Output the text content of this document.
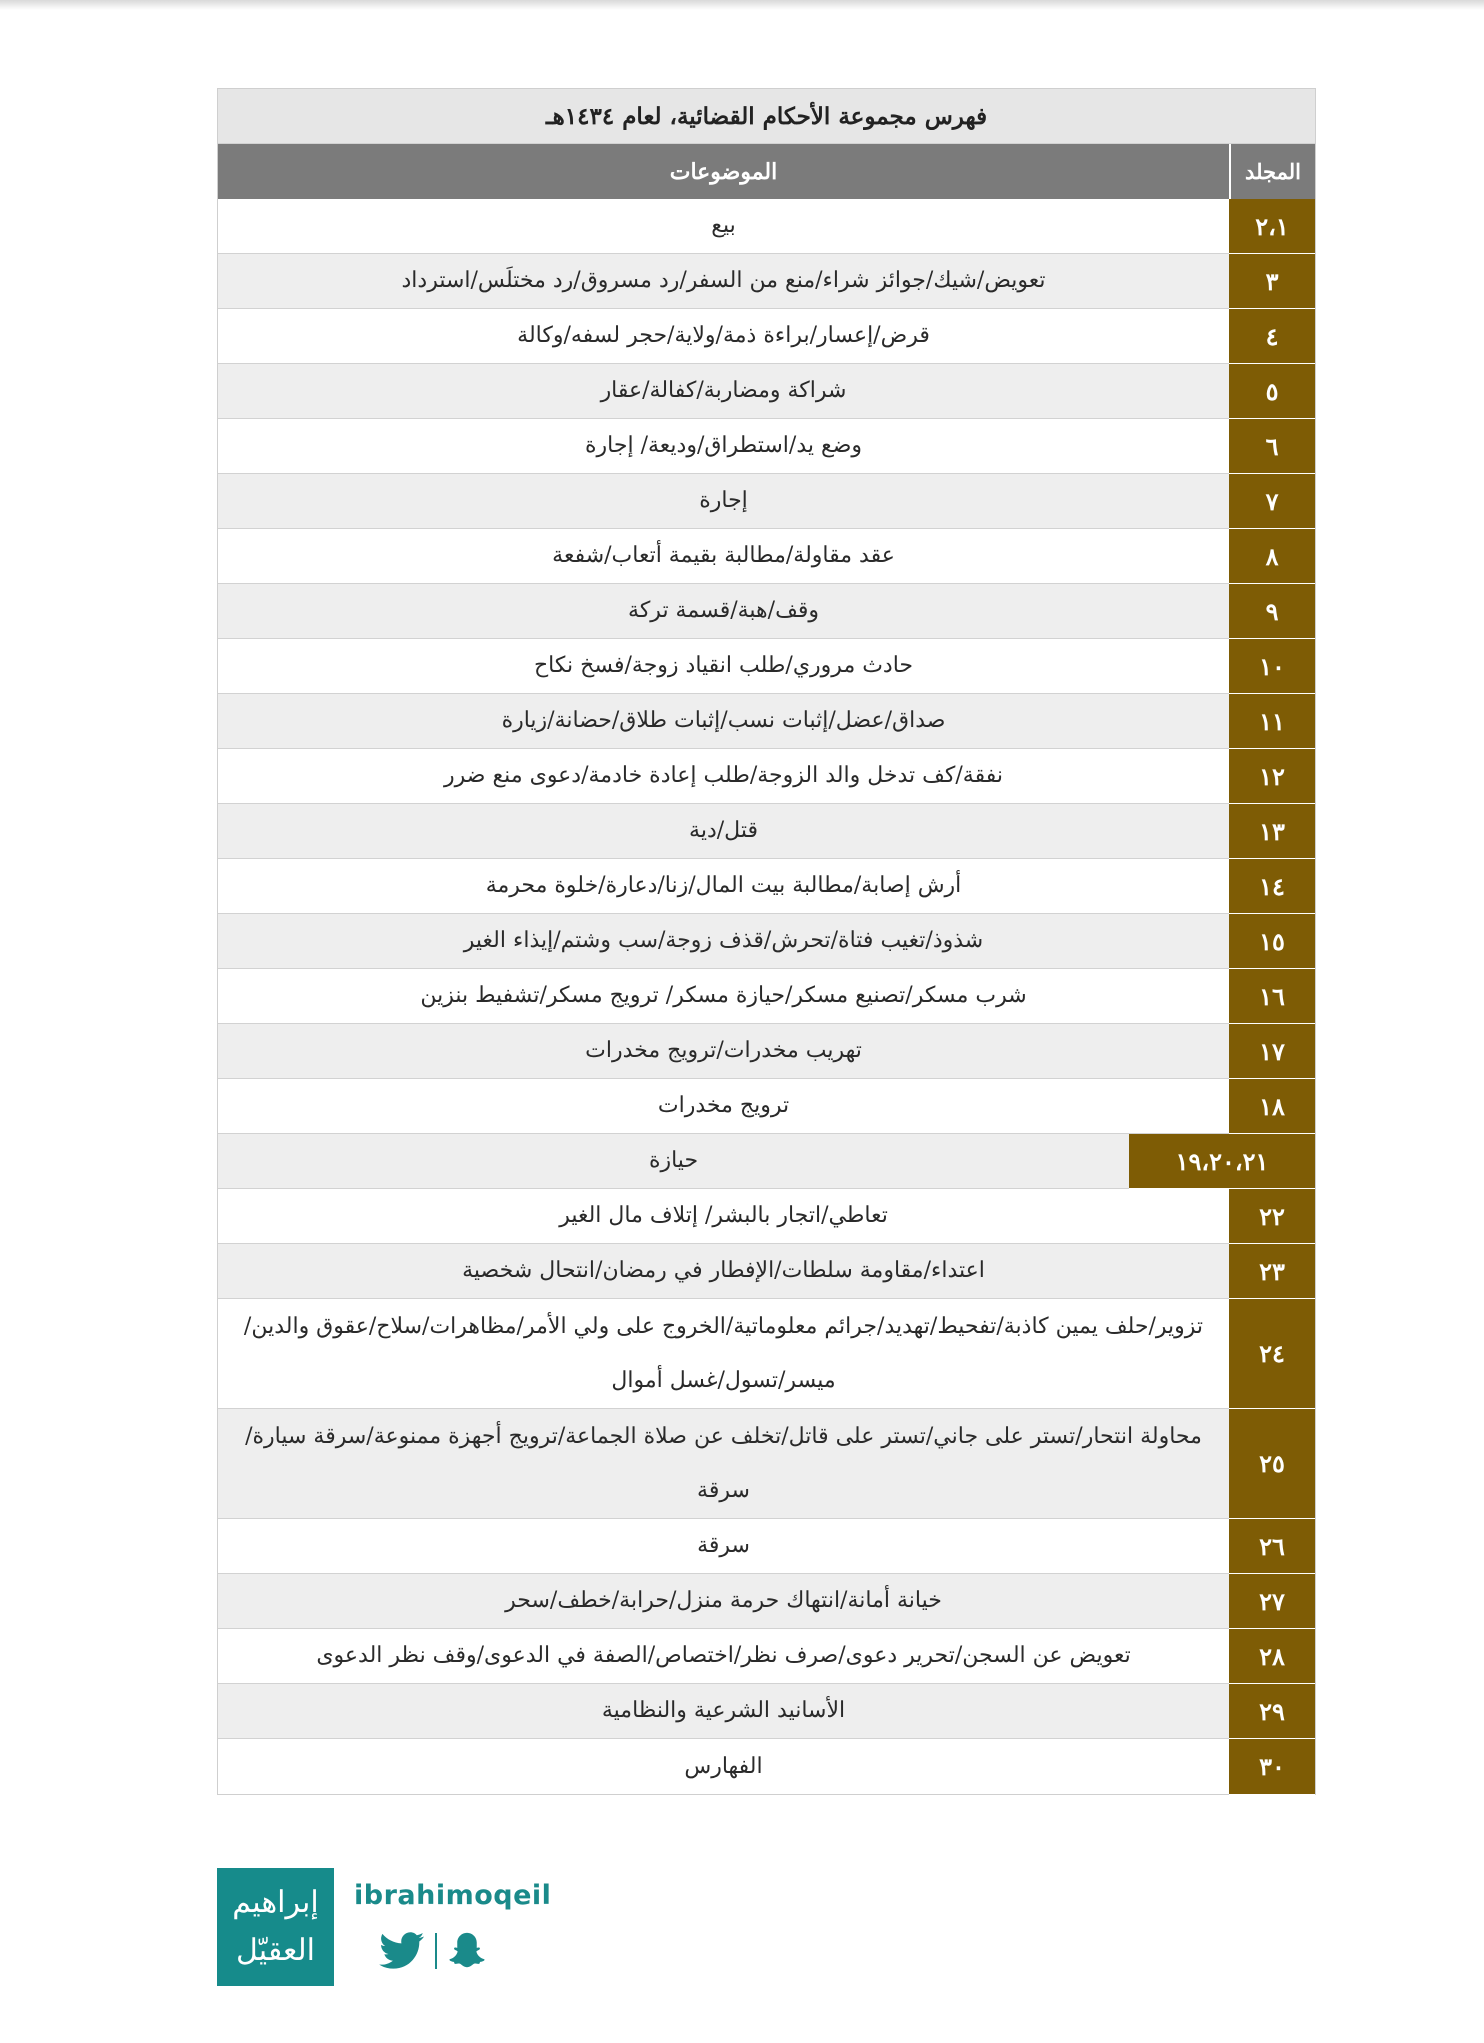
فهرس مجموعة الأحكام القضائية، لعام ١٤٣٤هـ
المجلد
الموضوعات
٢،١
بيع
٣
تعويض/شيك/جوائز شراء/منع من السفر/رد مسروق/رد مختلَس/استرداد
٤
قرض/إعسار/براءة ذمة/ولاية/حجر لسفه/وكالة
٥
شراكة ومضاربة/كفالة/عقار
٦
وضع يد/استطراق/وديعة/ إجارة
٧
إجارة
٨
عقد مقاولة/مطالبة بقيمة أتعاب/شفعة
٩
وقف/هبة/قسمة تركة
١٠
حادث مروري/طلب انقياد زوجة/فسخ نكاح
١١
صداق/عضل/إثبات نسب/إثبات طلاق/حضانة/زيارة
١٢
نفقة/كف تدخل والد الزوجة/طلب إعادة خادمة/دعوى منع ضرر
١٣
قتل/دية
١٤
أرش إصابة/مطالبة بيت المال/زنا/دعارة/خلوة محرمة
١٥
شذوذ/تغيب فتاة/تحرش/قذف زوجة/سب وشتم/إيذاء الغير
١٦
شرب مسكر/تصنيع مسكر/حيازة مسكر/ ترويج مسكر/تشفيط بنزين
١٧
تهريب مخدرات/ترويج مخدرات
١٨
ترويج مخدرات
١٩،٢٠،٢١
حيازة
٢٢
تعاطي/اتجار بالبشر/ إتلاف مال الغير
٢٣
اعتداء/مقاومة سلطات/الإفطار في رمضان/انتحال شخصية
٢٤
تزوير/حلف يمين كاذبة/تفحيط/تهديد/جرائم معلوماتية/الخروج على ولي الأمر/مظاهرات/سلاح/عقوق والدين/ميسر/تسول/غسل أموال
٢٥
محاولة انتحار/تستر على جاني/تستر على قاتل/تخلف عن صلاة الجماعة/ترويج أجهزة ممنوعة/سرقة سيارة/سرقة
٢٦
سرقة
٢٧
خيانة أمانة/انتهاك حرمة منزل/حرابة/خطف/سحر
٢٨
تعويض عن السجن/تحرير دعوى/صرف نظر/اختصاص/الصفة في الدعوى/وقف نظر الدعوى
٢٩
الأسانيد الشرعية والنظامية
٣٠
الفهارس
إبراهيم
العقيّل
ibrahimoqeil
